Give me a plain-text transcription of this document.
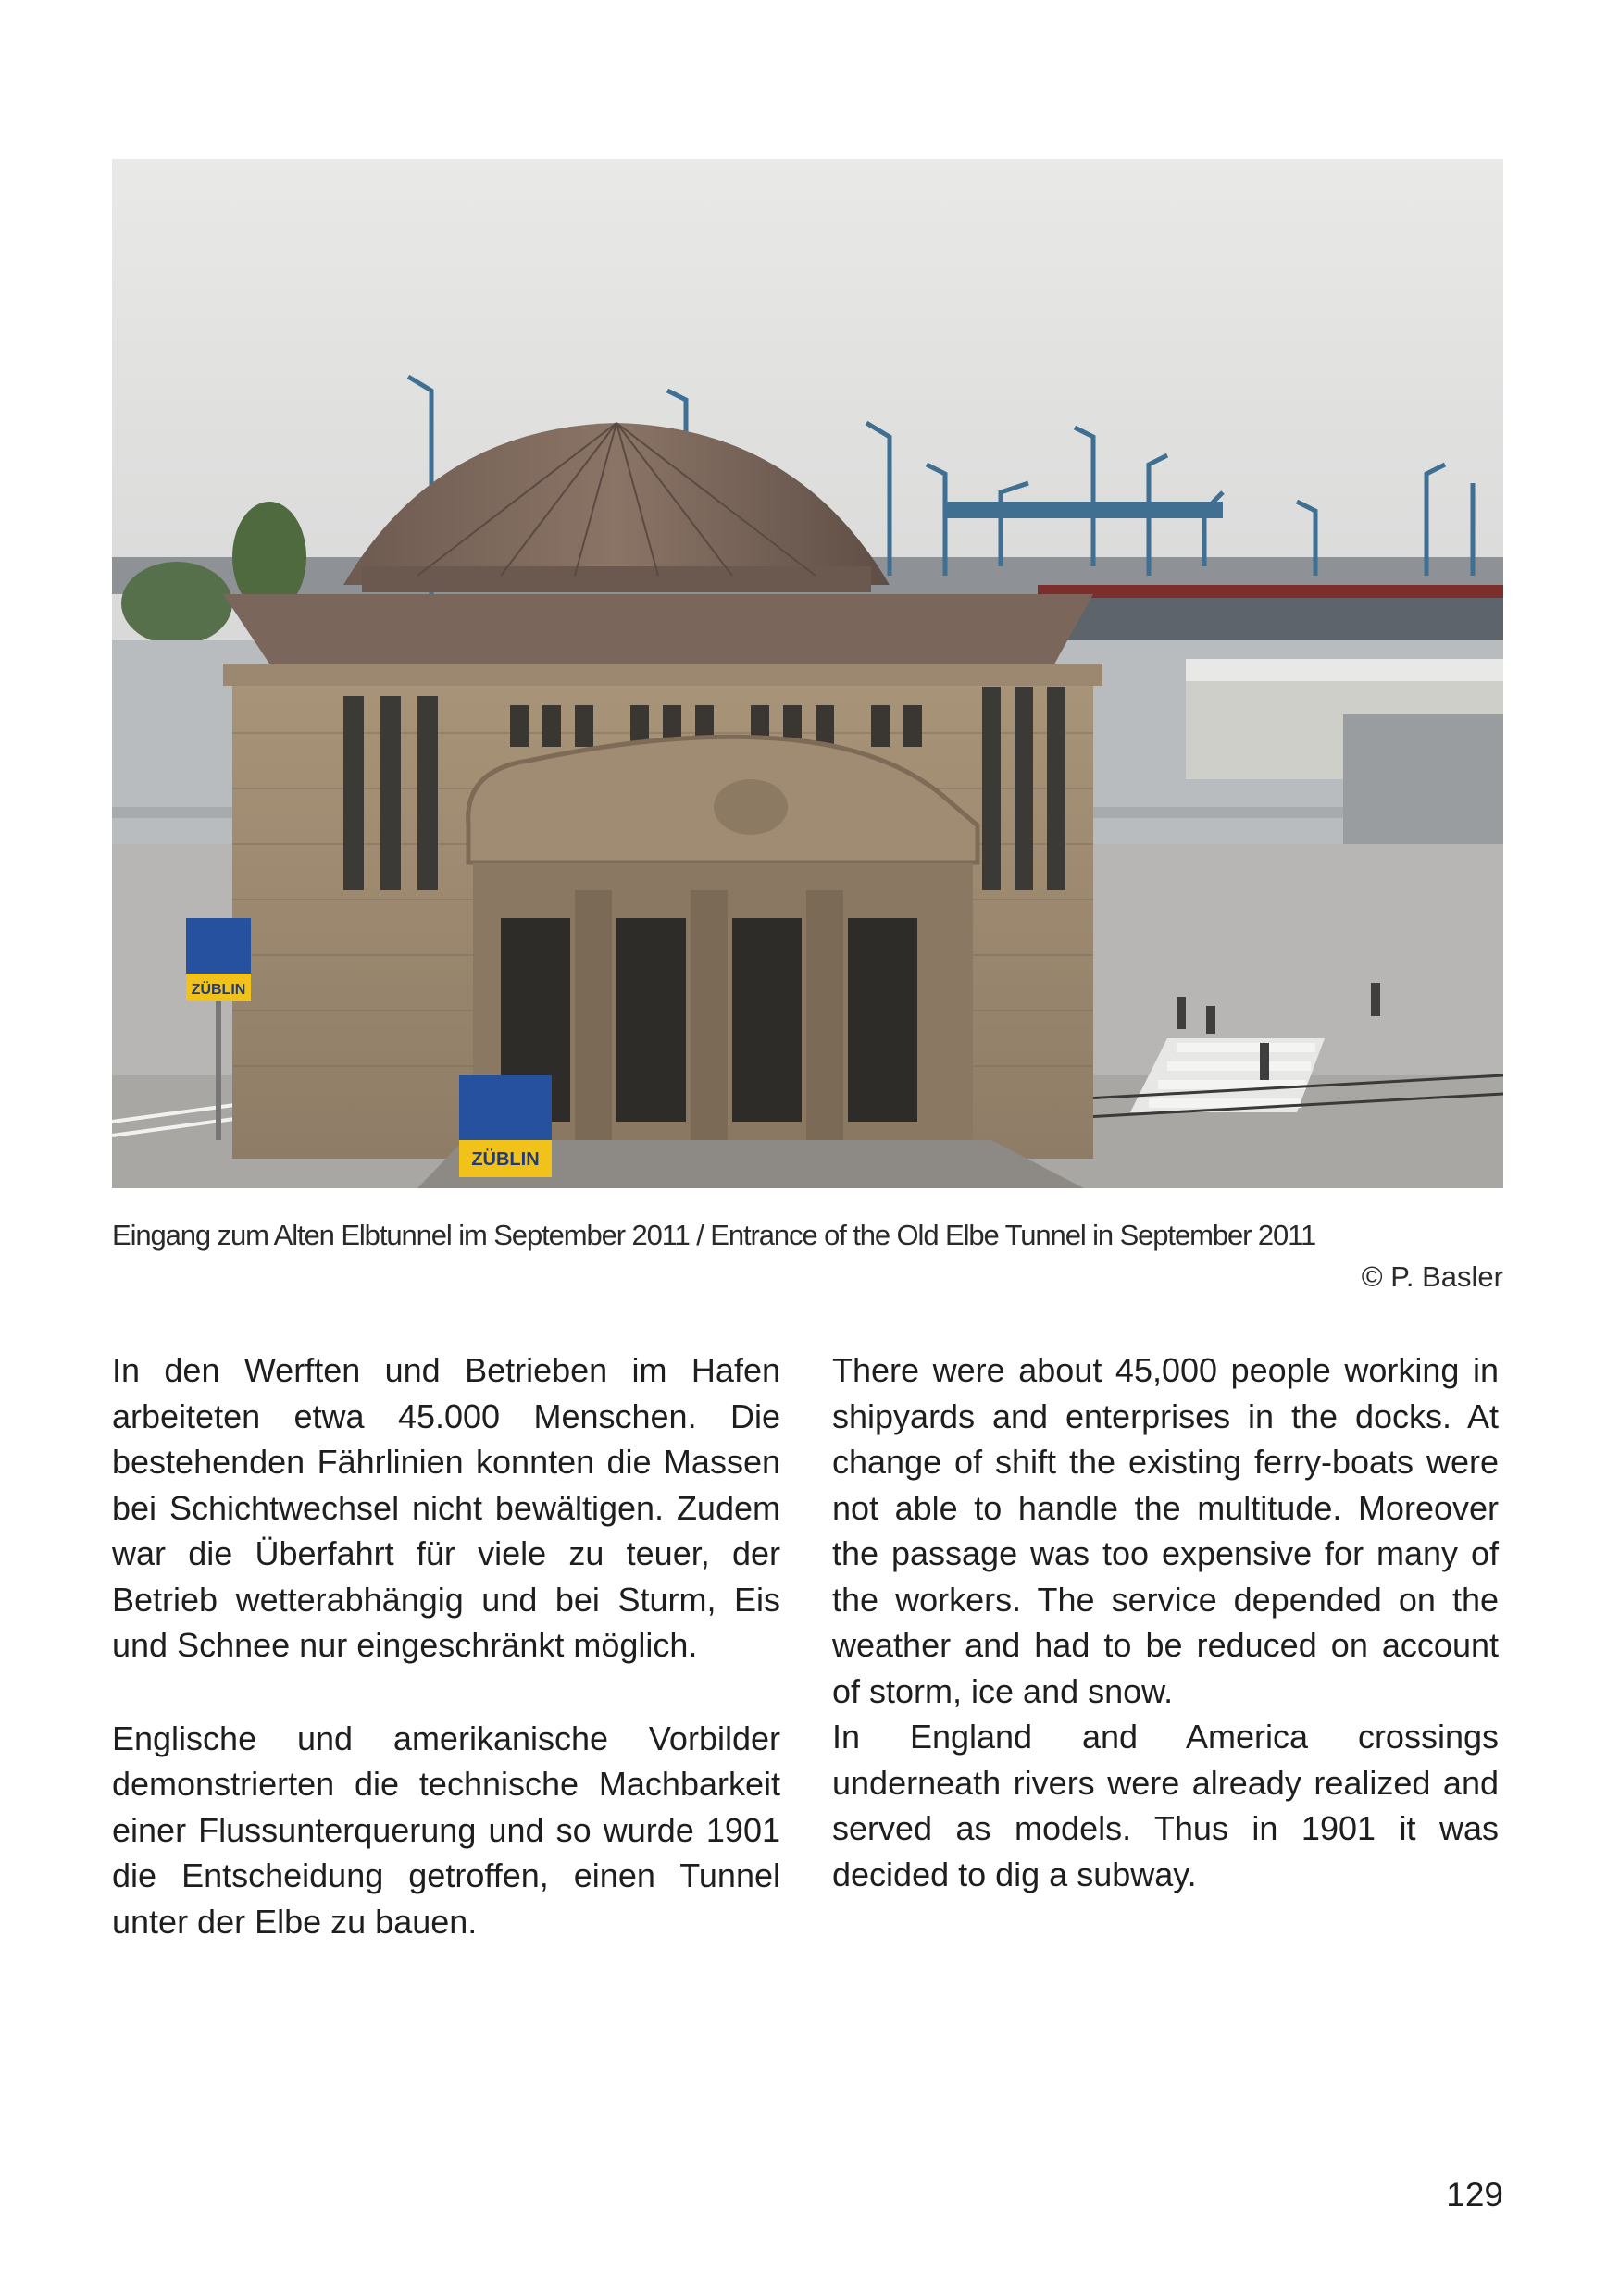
ZÜBLIN
ZÜBLIN
Eingang zum Alten Elbtunnel im September 2011 / Entrance of the Old Elbe Tunnel in September 2011
© P. Basler

In den Werften und Betrieben im Hafen arbeiteten etwa 45.000 Menschen. Die bestehenden Fährlinien konnten die Massen bei Schichtwechsel nicht bewältigen. Zudem war die Überfahrt für viele zu teuer, der Betrieb wetterabhängig und bei Sturm, Eis und Schnee nur eingeschränkt möglich.

Englische und amerikanische Vorbilder demonstrierten die technische Machbarkeit einer Flussunterquerung und so wurde 1901 die Entscheidung getroffen, einen Tunnel unter der Elbe zu bauen.

There were about 45,000 people working in shipyards and enterprises in the docks. At change of shift the existing ferry-boats were not able to handle the multitude. Moreover the passage was too expensive for many of the workers. The service depended on the weather and had to be reduced on account of storm, ice and snow.

In England and America crossings underneath rivers were already realized and served as models. Thus in 1901 it was decided to dig a subway.

129
